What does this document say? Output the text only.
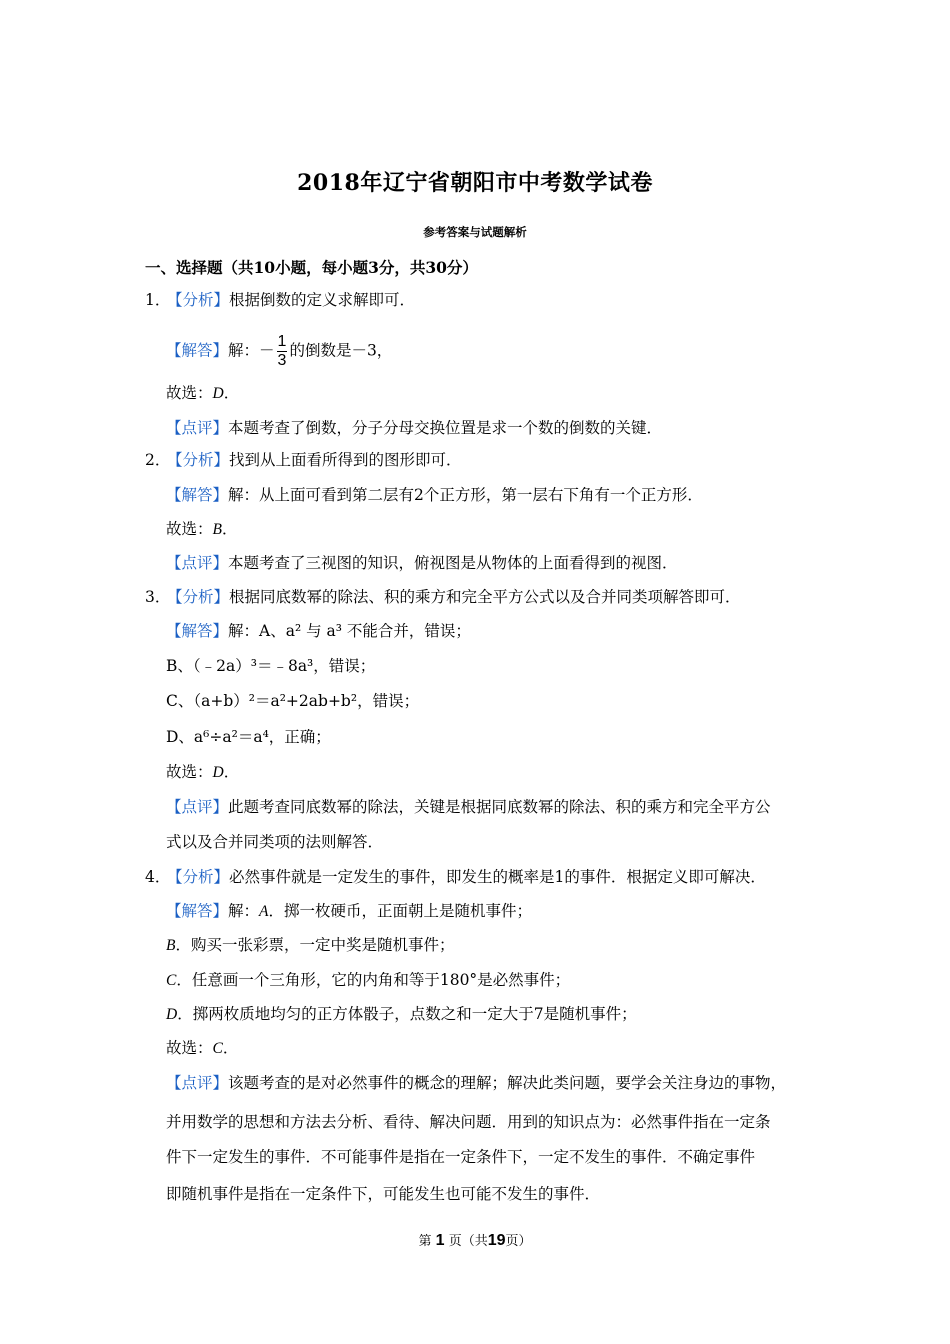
2018年辽宁省朝阳市中考数学试卷
参考答案与试题解析
一、选择题（共10小题，每小题3分，共30分）
1．【分析】根据倒数的定义求解即可．
【解答】解：－ $\frac{1}{3}$ 的倒数是－3，
故选：D．
【点评】本题考查了倒数，分子分母交换位置是求一个数的倒数的关键．
2．【分析】找到从上面看所得到的图形即可．
【解答】解：从上面可看到第二层有2个正方形，第一层右下角有一个正方形．
故选：B．
【点评】本题考查了三视图的知识，俯视图是从物体的上面看得到的视图．
3．【分析】根据同底数幂的除法、积的乘方和完全平方公式以及合并同类项解答即可．
【解答】解：A、a² 与 a³ 不能合并，错误；
B、（﹣2a）³＝﹣8a³，错误；
C、（a+b）²＝a²+2ab+b²，错误；
D、a⁶÷a²＝a⁴，正确；
故选：D．
【点评】此题考查同底数幂的除法，关键是根据同底数幂的除法、积的乘方和完全平方公
式以及合并同类项的法则解答．
4．【分析】必然事件就是一定发生的事件，即发生的概率是1的事件．根据定义即可解决．
【解答】解：A．掷一枚硬币，正面朝上是随机事件；
B．购买一张彩票，一定中奖是随机事件；
C．任意画一个三角形，它的内角和等于180°是必然事件；
D．掷两枚质地均匀的正方体骰子，点数之和一定大于7是随机事件；
故选：C．
【点评】该题考查的是对必然事件的概念的理解；解决此类问题，要学会关注身边的事物，
并用数学的思想和方法去分析、看待、解决问题．用到的知识点为：必然事件指在一定条
件下一定发生的事件．不可能事件是指在一定条件下，一定不发生的事件．不确定事件
即随机事件是指在一定条件下，可能发生也可能不发生的事件．
第 1 页（共19页）
